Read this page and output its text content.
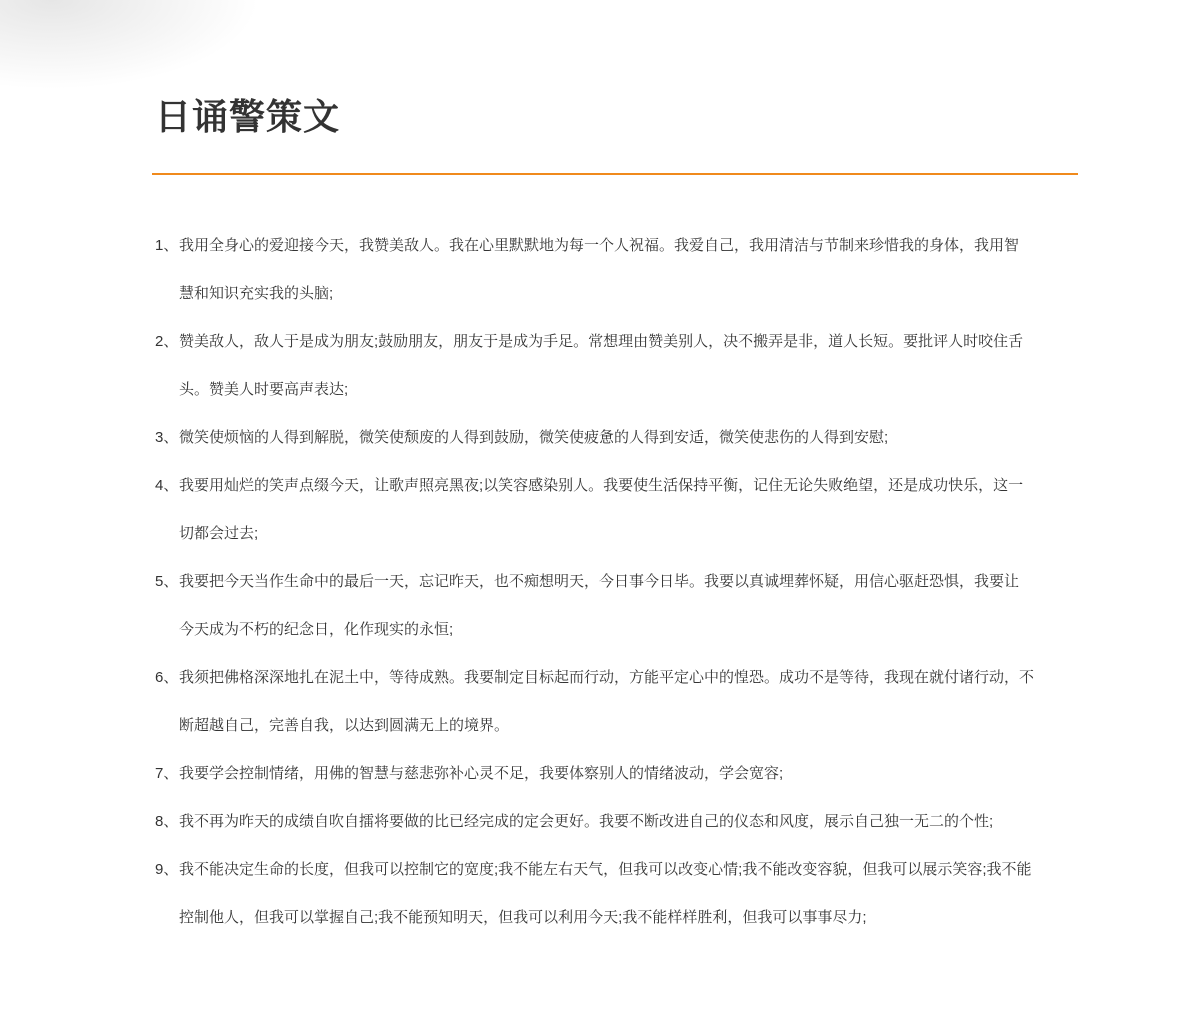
日诵警策文
1、我用全身心的爱迎接今天，我赞美敌人。我在心里默默地为每一个人祝福。我爱自己，我用清洁与节制来珍惜我的身体，我用智
慧和知识充实我的头脑;
2、赞美敌人，敌人于是成为朋友;鼓励朋友，朋友于是成为手足。常想理由赞美别人，决不搬弄是非，道人长短。要批评人时咬住舌
头。赞美人时要高声表达;
3、微笑使烦恼的人得到解脱，微笑使颓废的人得到鼓励，微笑使疲惫的人得到安适，微笑使悲伤的人得到安慰;
4、我要用灿烂的笑声点缀今天，让歌声照亮黑夜;以笑容感染别人。我要使生活保持平衡，记住无论失败绝望，还是成功快乐，这一
切都会过去;
5、我要把今天当作生命中的最后一天，忘记昨天，也不痴想明天，今日事今日毕。我要以真诚埋葬怀疑，用信心驱赶恐惧，我要让
今天成为不朽的纪念日，化作现实的永恒;
6、我须把佛格深深地扎在泥土中，等待成熟。我要制定目标起而行动，方能平定心中的惶恐。成功不是等待，我现在就付诸行动，不
断超越自己，完善自我，以达到圆满无上的境界。
7、我要学会控制情绪，用佛的智慧与慈悲弥补心灵不足，我要体察别人的情绪波动，学会宽容;
8、我不再为昨天的成绩自吹自擂将要做的比已经完成的定会更好。我要不断改进自己的仪态和风度，展示自己独一无二的个性;
9、我不能决定生命的长度，但我可以控制它的宽度;我不能左右天气，但我可以改变心情;我不能改变容貌，但我可以展示笑容;我不能
控制他人，但我可以掌握自己;我不能预知明天，但我可以利用今天;我不能样样胜利，但我可以事事尽力;
